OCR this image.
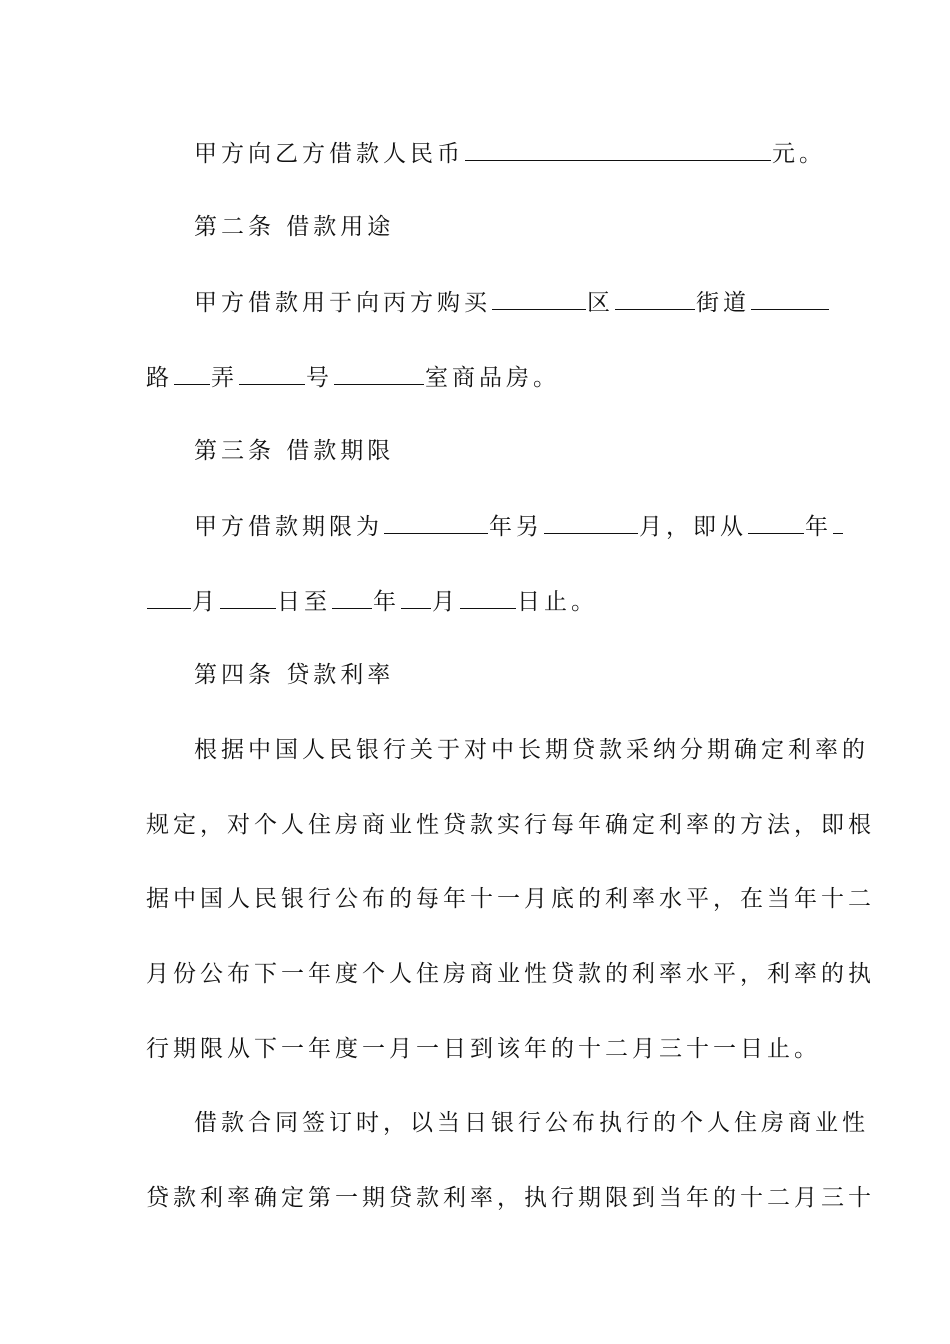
甲方向乙方借款人民币	元。
第二条 借款用途
甲方借款用于向丙方购买	区	街道
路 弄	号	室商品房。
第三条 借款期限
甲方借款期限为	年另	月，即从	年
月	日至 年 月	日止。
第四条 贷款利率
根据中国人民银行关于对中长期贷款采纳分期确定利率的
规定，对个人住房商业性贷款实行每年确定利率的方法，即根
据中国人民银行公布的每年十一月底的利率水平，在当年十二
月份公布下一年度个人住房商业性贷款的利率水平，利率的执
行期限从下一年度一月一日到该年的十二月三十一日止。
借款合同签订时，以当日银行公布执行的个人住房商业性
贷款利率确定第一期贷款利率，执行期限到当年的十二月三十
